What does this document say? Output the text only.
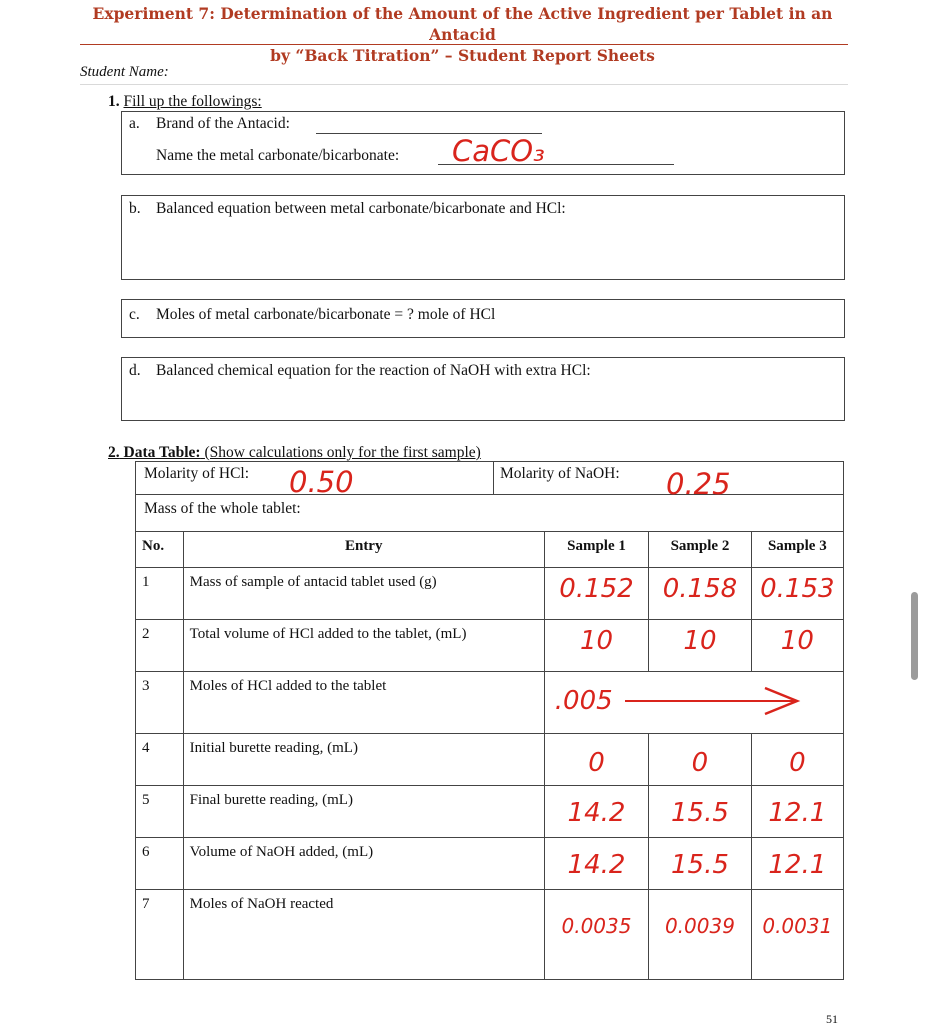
Experiment 7: Determination of the Amount of the Active Ingredient per Tablet in an Antacid
by “Back Titration” – Student Report Sheets
Student Name:
1. Fill up the followings:
a. Brand of the Antacid:
Name the metal carbonate/bicarbonate: CaCO₃
b. Balanced equation between metal carbonate/bicarbonate and HCl:
c. Moles of metal carbonate/bicarbonate = ? mole of HCl
d. Balanced chemical equation for the reaction of NaOH with extra HCl:
2. Data Table: (Show calculations only for the first sample)
Molarity of HCl: 0.50	Molarity of NaOH: 0.25
Mass of the whole tablet:
No.	Entry	Sample 1	Sample 2	Sample 3
1	Mass of sample of antacid tablet used (g)	0.152	0.158	0.153

2	Total volume of HCl added to the tablet, (mL)	10	10	10

3	Moles of HCl added to the tablet	.005		

4	Initial burette reading, (mL)	0	0	0

5	Final burette reading, (mL)	14.2	15.5	12.1

6	Volume of NaOH added, (mL)	14.2	15.5	12.1

7	Moles of NaOH reacted	0.0035	0.0039	0.0031
51
